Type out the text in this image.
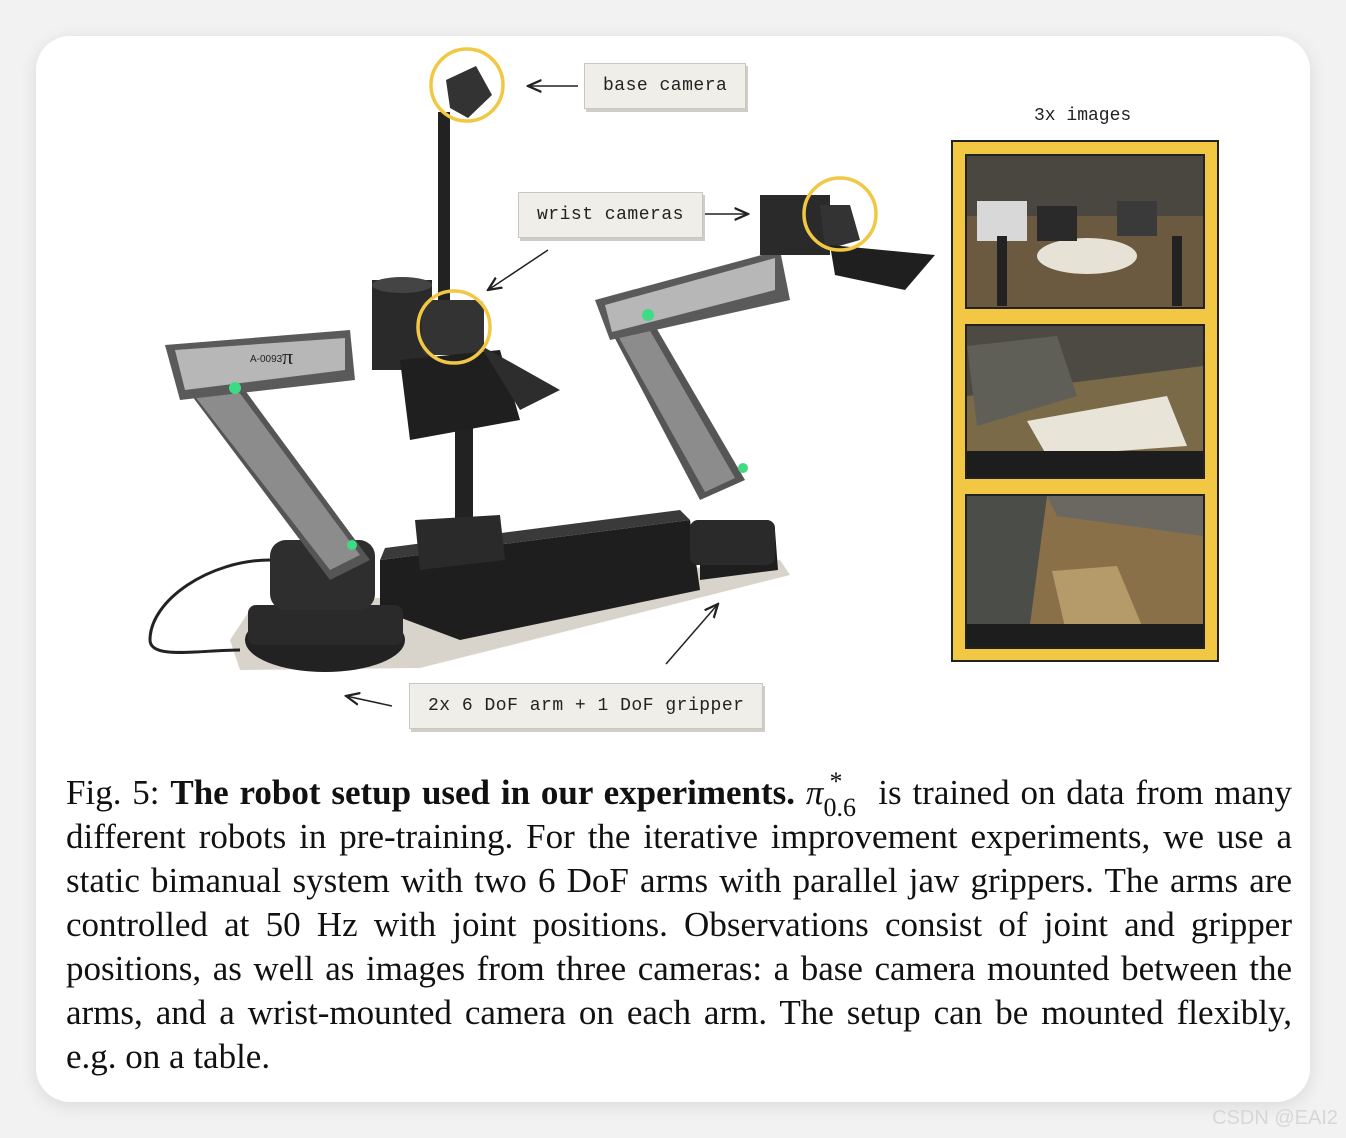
A-0093 π
base camera
wrist cameras
2x 6 DoF arm + 1 DoF gripper
3x images

Fig. 5: The robot setup used in our experiments. π *
0.6 is trained on data from many different robots in pre-training. For the iterative improvement experiments, we use a static bimanual system with two 6 DoF arms with parallel jaw grippers. The arms are controlled at 50 Hz with joint positions. Observations consist of joint and gripper positions, as well as images from three cameras: a base camera mounted between the arms, and a wrist-mounted camera on each arm. The setup can be mounted flexibly, e.g. on a table.

CSDN @EAI2
